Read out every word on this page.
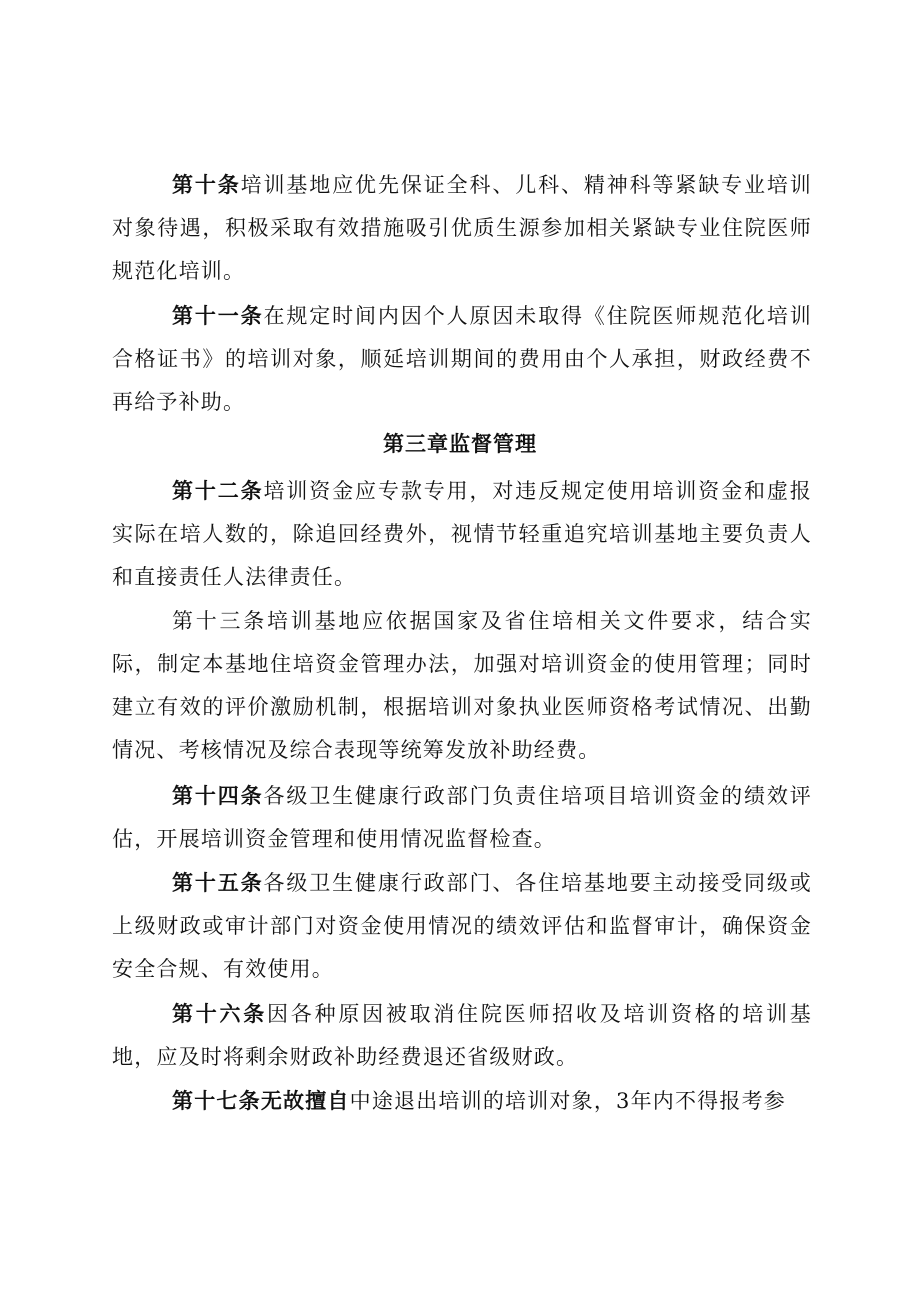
第十条培训基地应优先保证全科、儿科、精神科等紧缺专业培训对象待遇，积极采取有效措施吸引优质生源参加相关紧缺专业住院医师规范化培训。

第十一条在规定时间内因个人原因未取得《住院医师规范化培训合格证书》的培训对象，顺延培训期间的费用由个人承担，财政经费不再给予补助。

第三章监督管理

第十二条培训资金应专款专用，对违反规定使用培训资金和虚报实际在培人数的，除追回经费外，视情节轻重追究培训基地主要负责人和直接责任人法律责任。

第十三条培训基地应依据国家及省住培相关文件要求，结合实际，制定本基地住培资金管理办法，加强对培训资金的使用管理；同时建立有效的评价激励机制，根据培训对象执业医师资格考试情况、出勤情况、考核情况及综合表现等统筹发放补助经费。

第十四条各级卫生健康行政部门负责住培项目培训资金的绩效评估，开展培训资金管理和使用情况监督检查。

第十五条各级卫生健康行政部门、各住培基地要主动接受同级或上级财政或审计部门对资金使用情况的绩效评估和监督审计，确保资金安全合规、有效使用。

第十六条因各种原因被取消住院医师招收及培训资格的培训基地，应及时将剩余财政补助经费退还省级财政。

第十七条无故擅自中途退出培训的培训对象，3年内不得报考参
